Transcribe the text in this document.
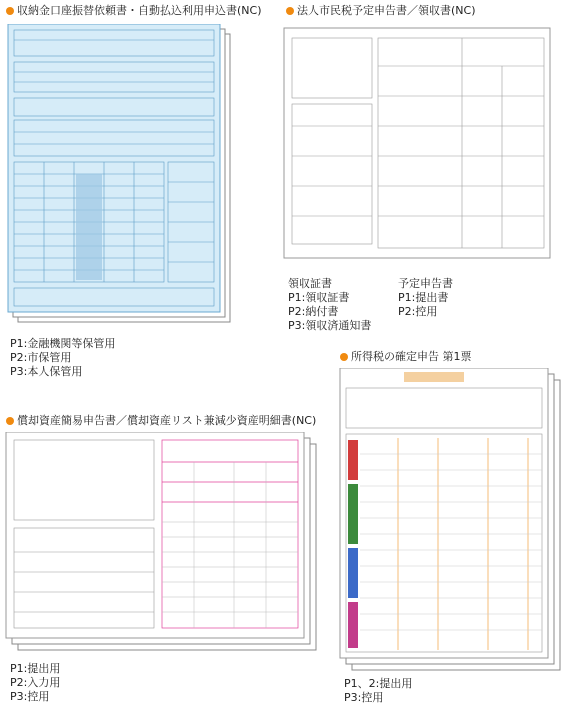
収納金口座振替依頼書・自動払込利用申込書(NC)
P1:金融機関等保管用
P2:市保管用
P3:本人保管用
法人市民税予定申告書／領収書(NC)
領収証書
P1:領収証書
P2:納付書
P3:領収済通知書
予定申告書
P1:提出書
P2:控用
所得税の確定申告 第1票
P1、2:提出用
P3:控用
償却資産簡易申告書／償却資産リスト兼減少資産明細書(NC)
P1:提出用
P2:入力用
P3:控用
